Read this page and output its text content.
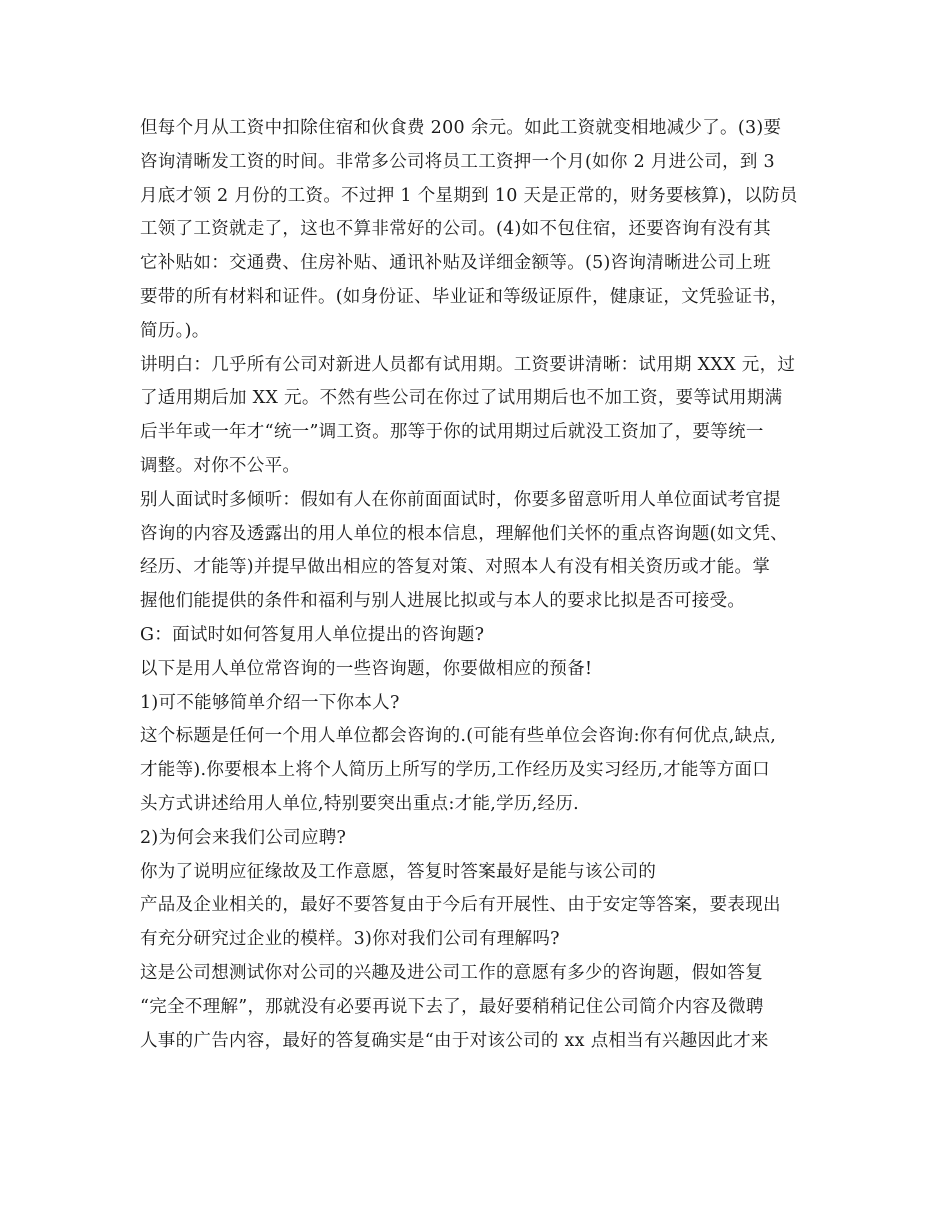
但每个月从工资中扣除住宿和伙食费 200 余元。如此工资就变相地减少了。(3)要
咨询清晰发工资的时间。非常多公司将员工工资押一个月(如你 2 月进公司，到 3
月底才领 2 月份的工资。不过押 1 个星期到 10 天是正常的，财务要核算)，以防员
工领了工资就走了，这也不算非常好的公司。(4)如不包住宿，还要咨询有没有其
它补贴如：交通费、住房补贴、通讯补贴及详细金额等。(5)咨询清晰进公司上班
要带的所有材料和证件。(如身份证、毕业证和等级证原件，健康证，文凭验证书，
简历。)。
讲明白：几乎所有公司对新进人员都有试用期。工资要讲清晰：试用期 XXX 元，过
了适用期后加 XX 元。不然有些公司在你过了试用期后也不加工资，要等试用期满
后半年或一年才“统一”调工资。那等于你的试用期过后就没工资加了，要等统一
调整。对你不公平。
别人面试时多倾听：假如有人在你前面面试时，你要多留意听用人单位面试考官提
咨询的内容及透露出的用人单位的根本信息，理解他们关怀的重点咨询题(如文凭、
经历、才能等)并提早做出相应的答复对策、对照本人有没有相关资历或才能。掌
握他们能提供的条件和福利与别人进展比拟或与本人的要求比拟是否可接受。
G：面试时如何答复用人单位提出的咨询题?
以下是用人单位常咨询的一些咨询题，你要做相应的预备!
1)可不能够简单介绍一下你本人?
这个标题是任何一个用人单位都会咨询的.(可能有些单位会咨询:你有何优点,缺点,
才能等).你要根本上将个人简历上所写的学历,工作经历及实习经历,才能等方面口
头方式讲述给用人单位,特别要突出重点:才能,学历,经历.
2)为何会来我们公司应聘?
你为了说明应征缘故及工作意愿，答复时答案最好是能与该公司的
产品及企业相关的，最好不要答复由于今后有开展性、由于安定等答案，要表现出
有充分研究过企业的模样。3)你对我们公司有理解吗?
这是公司想测试你对公司的兴趣及进公司工作的意愿有多少的咨询题，假如答复
“完全不理解”，那就没有必要再说下去了，最好要稍稍记住公司简介内容及微聘
人事的广告内容，最好的答复确实是“由于对该公司的 xx 点相当有兴趣因此才来
